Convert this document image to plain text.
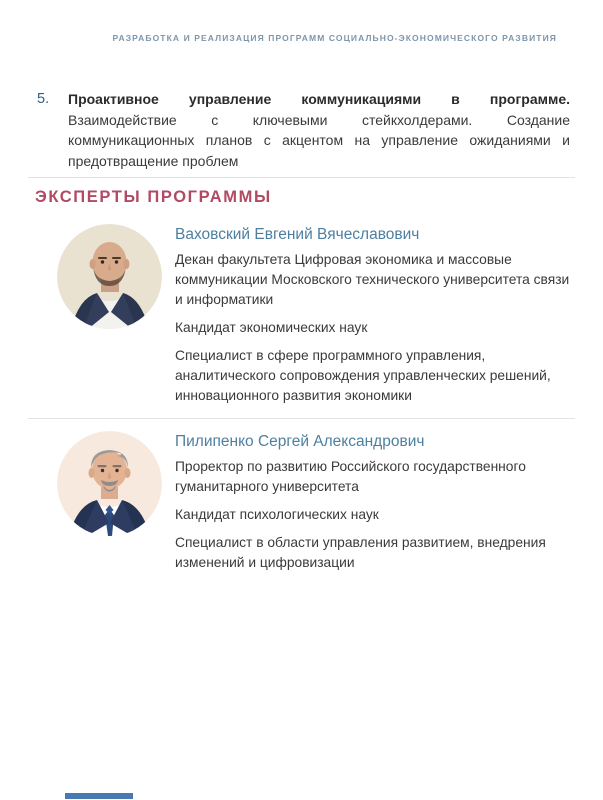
РАЗРАБОТКА И РЕАЛИЗАЦИЯ ПРОГРАММ СОЦИАЛЬНО-ЭКОНОМИЧЕСКОГО РАЗВИТИЯ
5.	Проактивное управление коммуникациями в программе. Взаимодействие с ключевыми стейкхолдерами. Создание коммуникационных планов с акцентом на управление ожиданиями и предотвращение проблем
ЭКСПЕРТЫ ПРОГРАММЫ
Ваховский Евгений Вячеславович

Декан факультета Цифровая экономика и массовые коммуникации Московского технического университета связи и информатики

Кандидат экономических наук

Специалист в сфере программного управления, аналитического сопровождения управленческих решений, инновационного развития экономики

Пилипенко Сергей Александрович

Проректор по развитию Российского государственного гуманитарного университета

Кандидат психологических наук

Специалист в области управления развитием, внедрения изменений и цифровизации
